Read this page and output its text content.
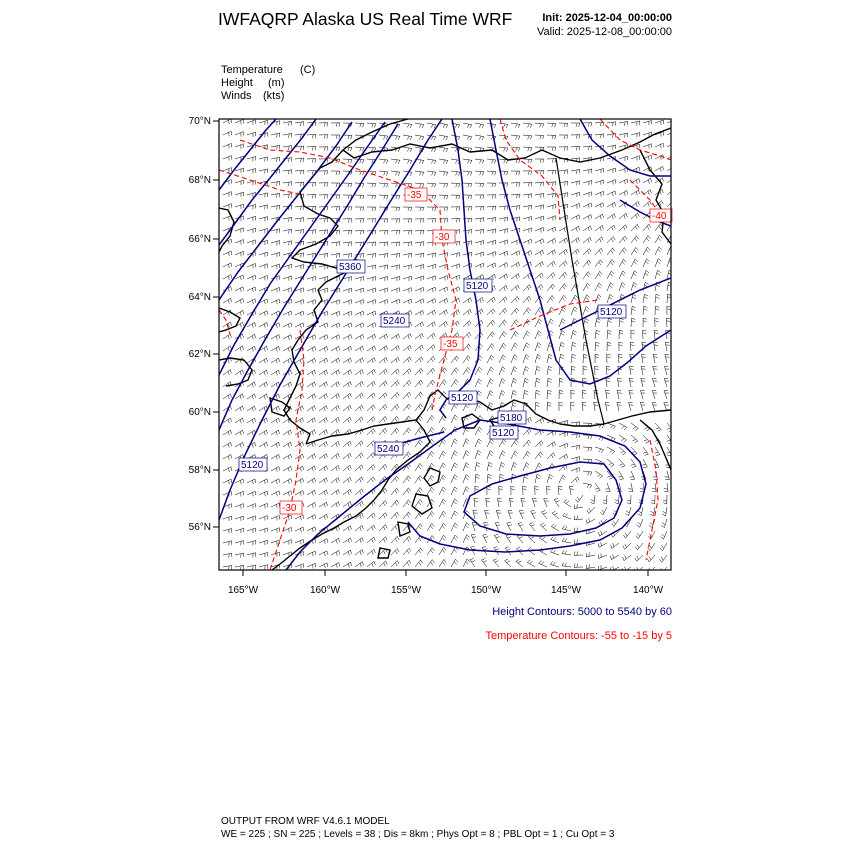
IWFAQRP Alaska US Real Time WRF	Init: 2025-12-04_00:00:00
Valid: 2025-12-08_00:00:00
Temperature (C)
Height (m)
Winds (kts)
5360
5120
5240
5120
5120
5240
5120
5120
5180
-35
-35
-30
-30
-40
70°N
68°N
66°N
64°N
62°N
60°N
58°N
56°N
165°W	160°W	155°W	150°W	145°W	140°W
Height Contours: 5000 to 5540 by 60
Temperature Contours: -55 to -15 by 5
OUTPUT FROM WRF V4.6.1 MODEL
WE = 225 ; SN = 225 ; Levels = 38 ; Dis = 8km ; Phys Opt = 8 ; PBL Opt = 1 ; Cu Opt = 3
